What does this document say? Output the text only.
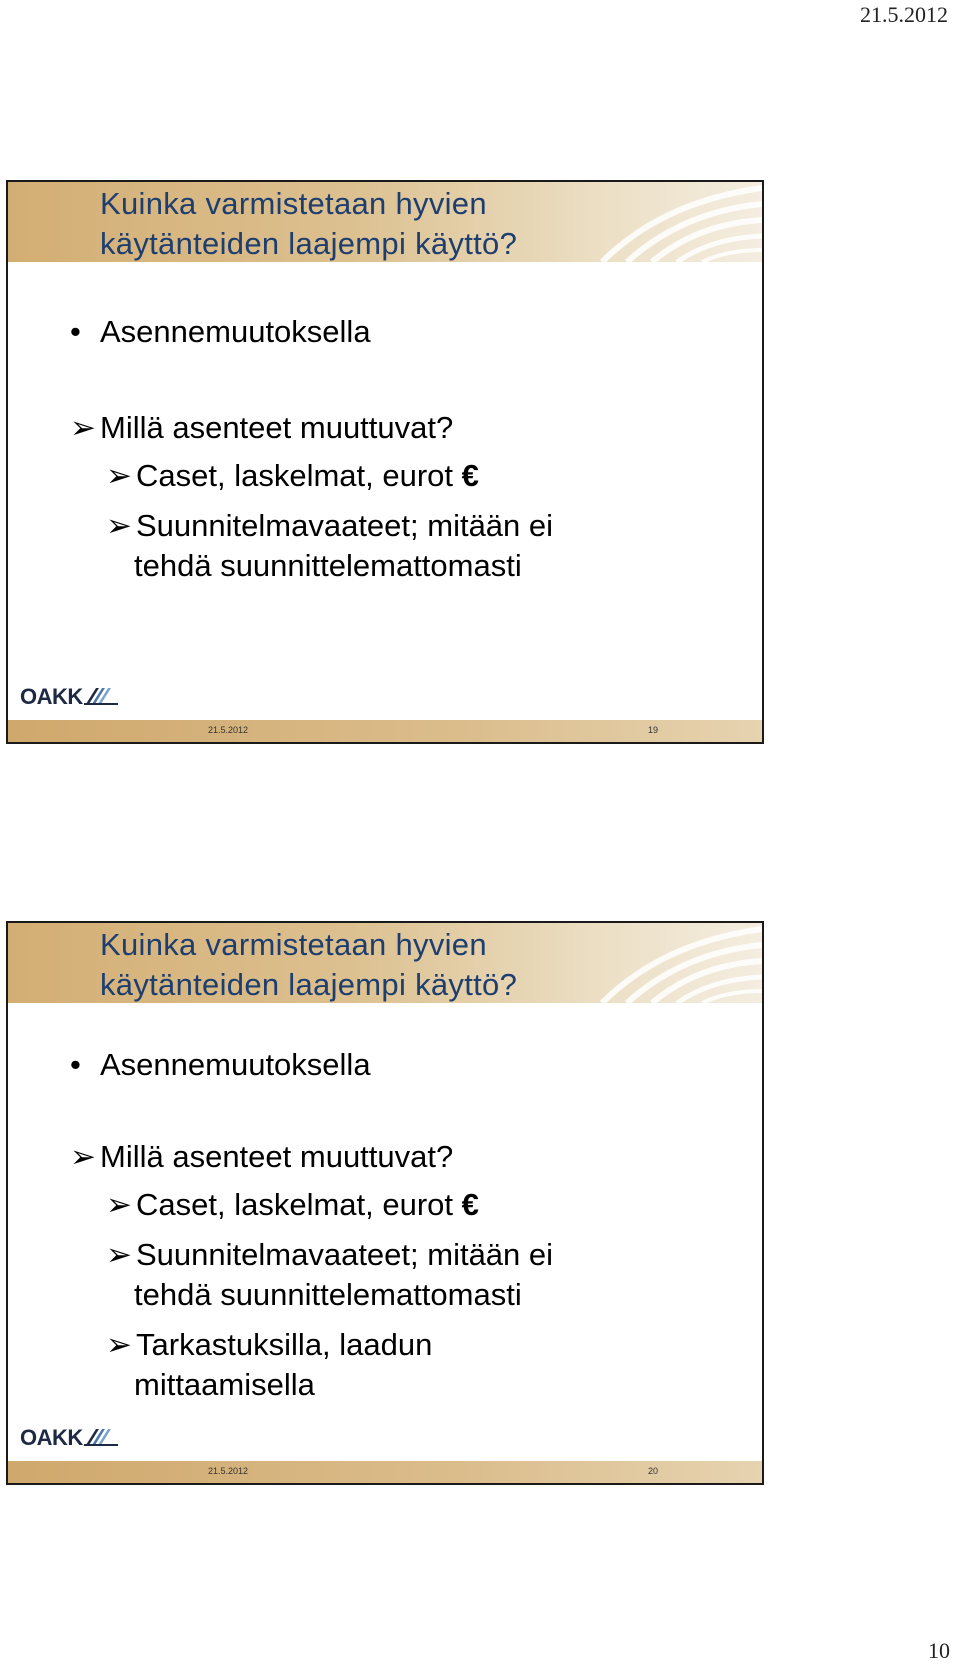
21.5.2012
Kuinka varmistetaan hyvien
käytänteiden laajempi käyttö?
• Asennemuutoksella
➢ Millä asenteet muuttuvat?
➢ Caset, laskelmat, eurot €
➢ Suunnitelmavaateet; mitään ei
tehdä suunnittelemattomasti
OAKK
21.5.2012	19
Kuinka varmistetaan hyvien
käytänteiden laajempi käyttö?
• Asennemuutoksella
➢ Millä asenteet muuttuvat?
➢ Caset, laskelmat, eurot €
➢ Suunnitelmavaateet; mitään ei
tehdä suunnittelemattomasti
➢ Tarkastuksilla, laadun
mittaamisella
OAKK
21.5.2012	20
10
